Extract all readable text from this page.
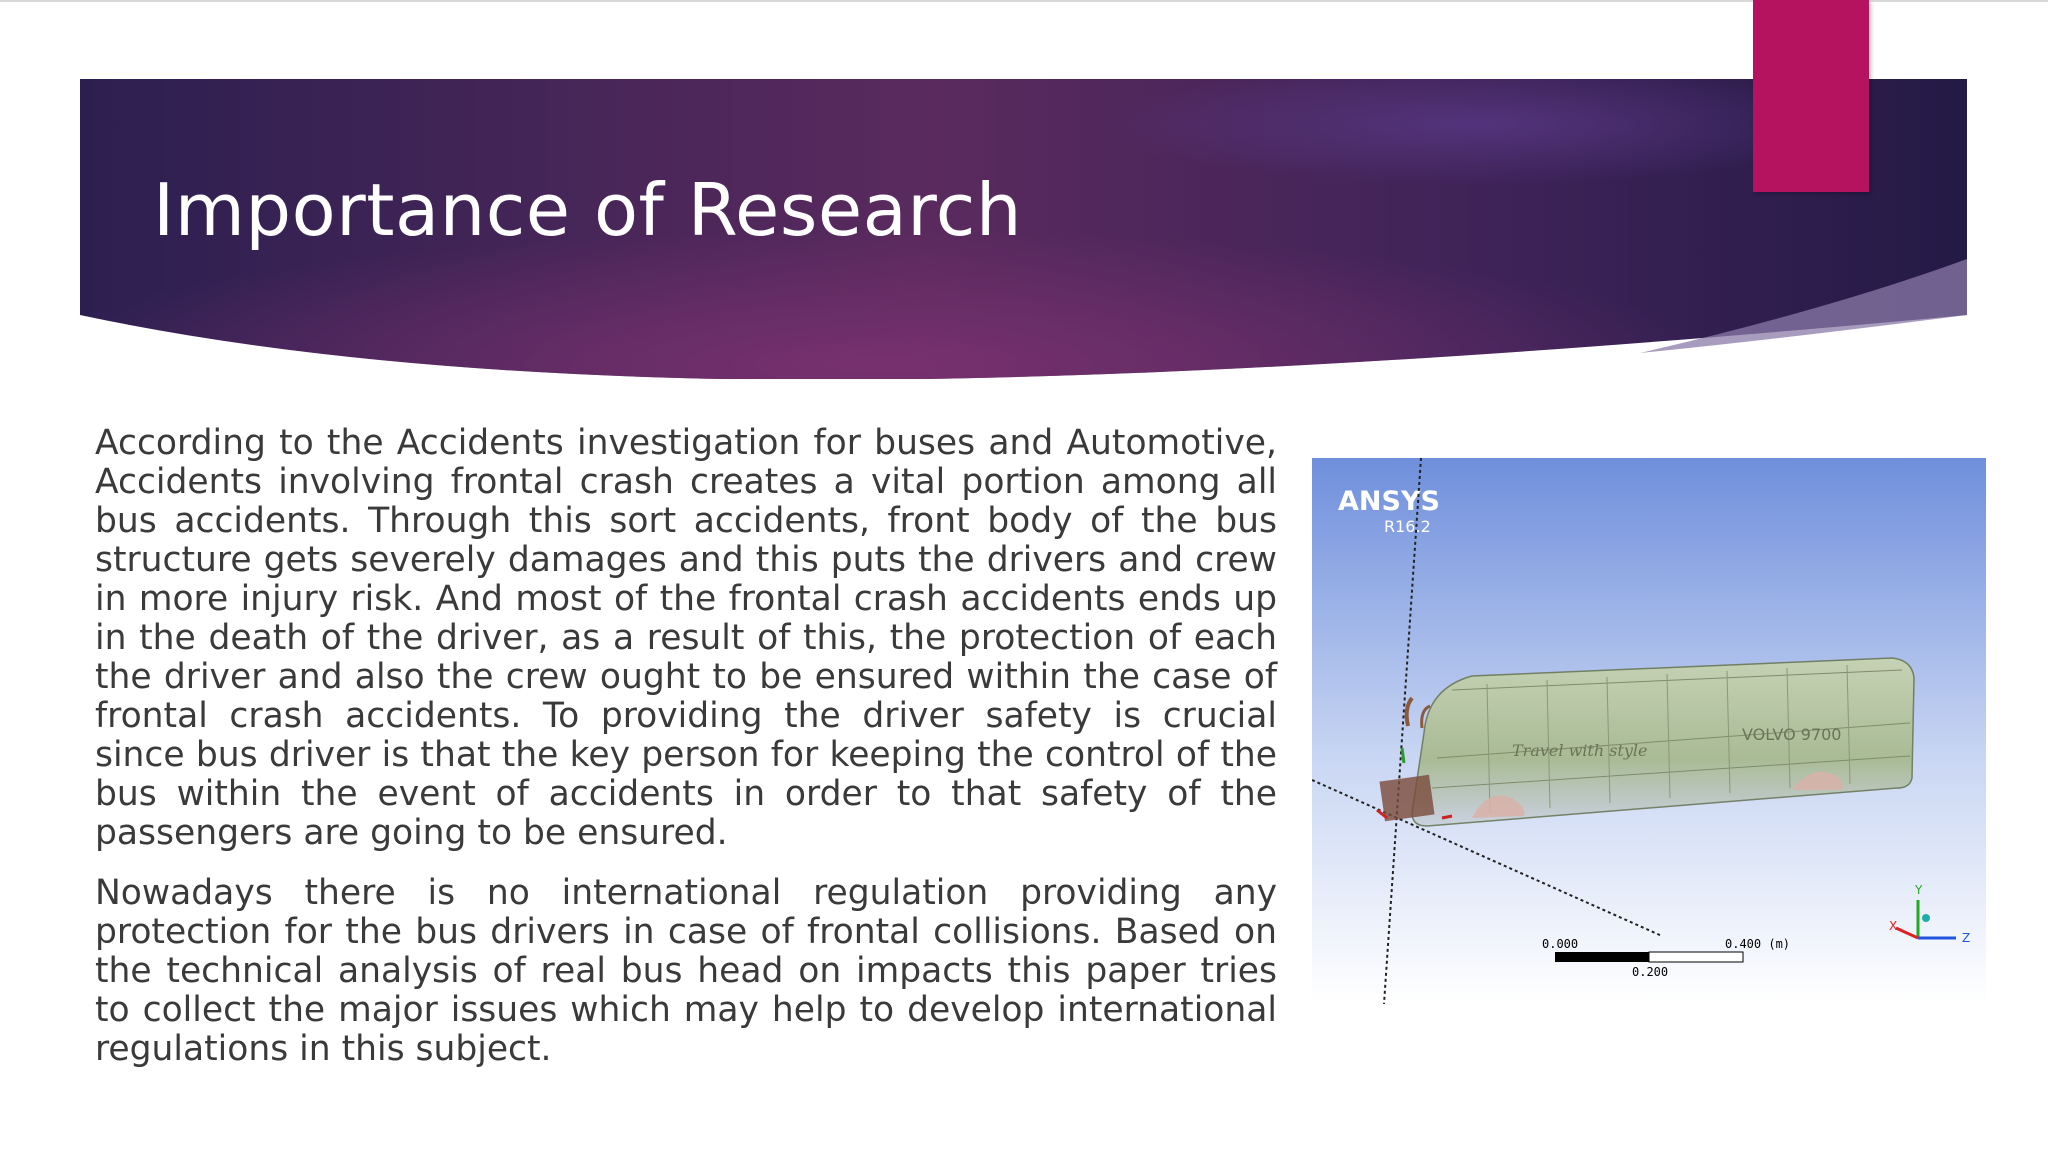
Importance of Research

According to the Accidents investigation for buses and Automotive, Accidents involving frontal crash creates a vital portion among all bus accidents. Through this sort accidents, front body of the bus structure gets severely damages and this puts the drivers and crew in more injury risk. And most of the frontal crash accidents ends up in the death of the driver, as a result of this, the protection of each the driver and also the crew ought to be ensured within the case of frontal crash accidents. To providing the driver safety is crucial since bus driver is that the key person for keeping the control of the bus within the event of accidents in order to that safety of the passengers are going to be ensured.

Nowadays there is no international regulation providing any protection for the bus drivers in case of frontal collisions. Based on the technical analysis of real bus head on impacts this paper tries to collect the major issues which may help to develop international regulations in this subject.

ANSYS
R16.2
Travel with style
VOLVO 9700
0.000	0.400 (m)
0.200
Y
X
Z
